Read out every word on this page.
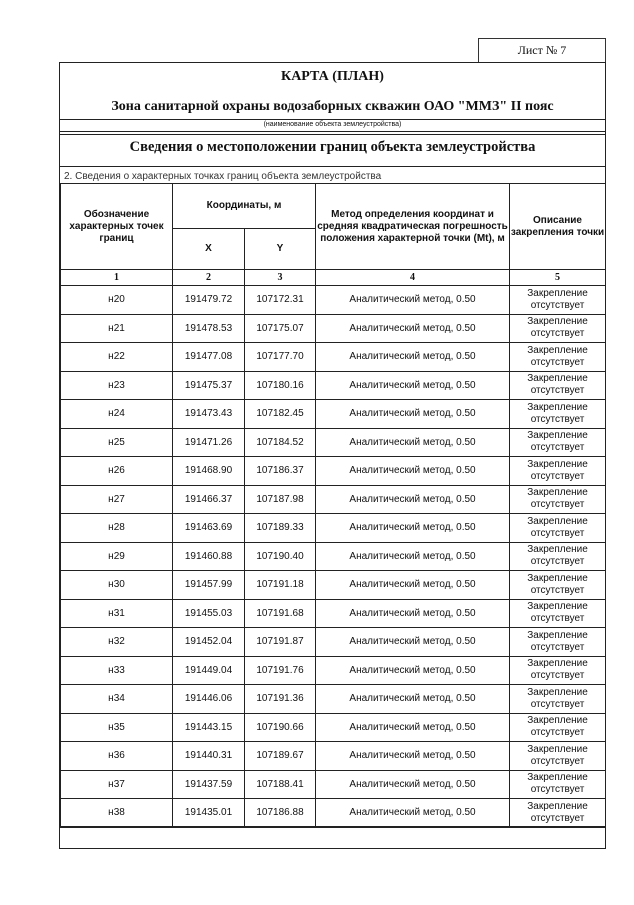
Лист № 7
КАРТА (ПЛАН)
Зона санитарной охраны водозаборных скважин ОАО "ММЗ" II пояс
(наименование объекта землеустройства)
Сведения о местоположении границ объекта землеустройства
2. Сведения о характерных точках границ объекта землеустройства
Обозначение характерных точек границ	Координаты, м		Метод определения координат и средняя квадратическая погрешность положения характерной точки (Mt), м	Описание закрепления точки
	X	Y		
1	2	3	4	5
н20	191479.72	107172.31	Аналитический метод, 0.50	Закрепление отсутствует
н21	191478.53	107175.07	Аналитический метод, 0.50	Закрепление отсутствует
н22	191477.08	107177.70	Аналитический метод, 0.50	Закрепление отсутствует
н23	191475.37	107180.16	Аналитический метод, 0.50	Закрепление отсутствует
н24	191473.43	107182.45	Аналитический метод, 0.50	Закрепление отсутствует
н25	191471.26	107184.52	Аналитический метод, 0.50	Закрепление отсутствует
н26	191468.90	107186.37	Аналитический метод, 0.50	Закрепление отсутствует
н27	191466.37	107187.98	Аналитический метод, 0.50	Закрепление отсутствует
н28	191463.69	107189.33	Аналитический метод, 0.50	Закрепление отсутствует
н29	191460.88	107190.40	Аналитический метод, 0.50	Закрепление отсутствует
н30	191457.99	107191.18	Аналитический метод, 0.50	Закрепление отсутствует
н31	191455.03	107191.68	Аналитический метод, 0.50	Закрепление отсутствует
н32	191452.04	107191.87	Аналитический метод, 0.50	Закрепление отсутствует
н33	191449.04	107191.76	Аналитический метод, 0.50	Закрепление отсутствует
н34	191446.06	107191.36	Аналитический метод, 0.50	Закрепление отсутствует
н35	191443.15	107190.66	Аналитический метод, 0.50	Закрепление отсутствует
н36	191440.31	107189.67	Аналитический метод, 0.50	Закрепление отсутствует
н37	191437.59	107188.41	Аналитический метод, 0.50	Закрепление отсутствует
н38	191435.01	107186.88	Аналитический метод, 0.50	Закрепление отсутствует
